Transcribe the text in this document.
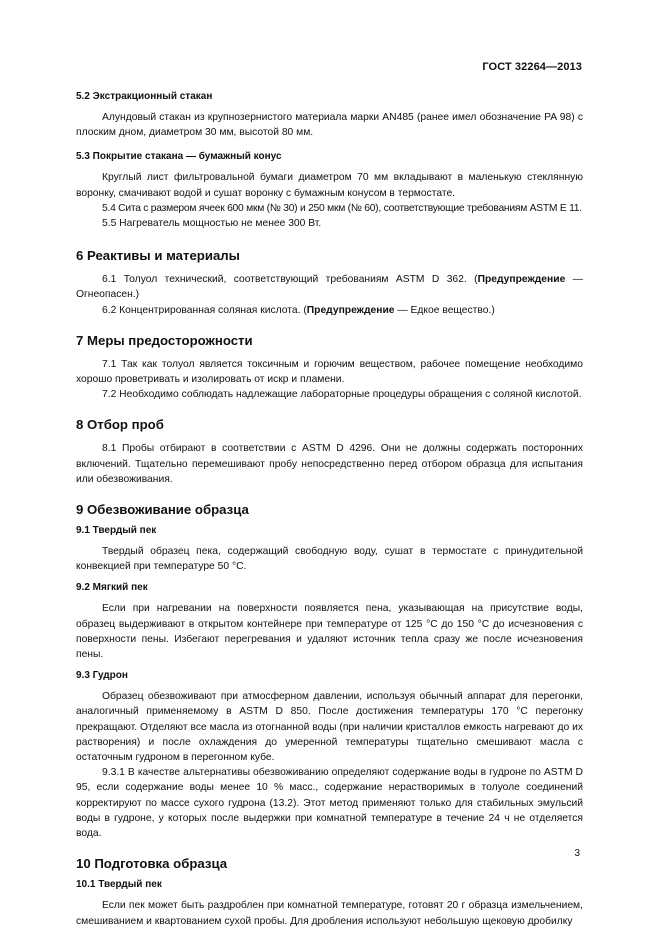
ГОСТ 32264—2013
5.2 Экстракционный стакан

Алундовый стакан из крупнозернистого материала марки AN485 (ранее имел обозначение PA 98) с плоским дном, диаметром 30 мм, высотой 80 мм.

5.3 Покрытие стакана — бумажный конус

Круглый лист фильтровальной бумаги диаметром 70 мм вкладывают в маленькую стеклянную воронку, смачивают водой и сушат воронку с бумажным конусом в термостате.

5.4 Сита с размером ячеек 600 мкм (№ 30) и 250 мкм (№ 60), соответствующие требованиям ASTM E 11.

5.5 Нагреватель мощностью не менее 300 Вт.

6 Реактивы и материалы

6.1 Толуол технический, соответствующий требованиям ASTM D 362. (Предупреждение — Огнеопасен.)

6.2 Концентрированная соляная кислота. (Предупреждение — Едкое вещество.)

7 Меры предосторожности

7.1 Так как толуол является токсичным и горючим веществом, рабочее помещение необходимо хорошо проветривать и изолировать от искр и пламени.

7.2 Необходимо соблюдать надлежащие лабораторные процедуры обращения с соляной кислотой.

8 Отбор проб

8.1 Пробы отбирают в соответствии с ASTM D 4296. Они не должны содержать посторонних включений. Тщательно перемешивают пробу непосредственно перед отбором образца для испытания или обезвоживания.

9 Обезвоживание образца
9.1 Твердый пек

Твердый образец пека, содержащий свободную воду, сушат в термостате с принудительной конвекцией при температуре 50 °C.

9.2 Мягкий пек

Если при нагревании на поверхности появляется пена, указывающая на присутствие воды, образец выдерживают в открытом контейнере при температуре от 125 °C до 150 °C до исчезновения с поверхности пены. Избегают перегревания и удаляют источник тепла сразу же после исчезновения пены.

9.3 Гудрон

Образец обезвоживают при атмосферном давлении, используя обычный аппарат для перегонки, аналогичный применяемому в ASTM D 850. После достижения температуры 170 °C перегонку прекращают. Отделяют все масла из отогнанной воды (при наличии кристаллов емкость нагревают до их растворения) и после охлаждения до умеренной температуры тщательно смешивают масла с остаточным гудроном в перегонном кубе.

9.3.1 В качестве альтернативы обезвоживанию определяют содержание воды в гудроне по ASTM D 95, если содержание воды менее 10 % масс., содержание нерастворимых в толуоле соединений корректируют по массе сухого гудрона (13.2). Этот метод применяют только для стабильных эмульсий воды в гудроне, у которых после выдержки при комнатной температуре в течение 24 ч не отделяется вода.

10 Подготовка образца
10.1 Твердый пек

Если пек может быть раздроблен при комнатной температуре, готовят 20 г образца измельчением, смешиванием и квартованием сухой пробы. Для дробления используют небольшую щековую дробилку

3
